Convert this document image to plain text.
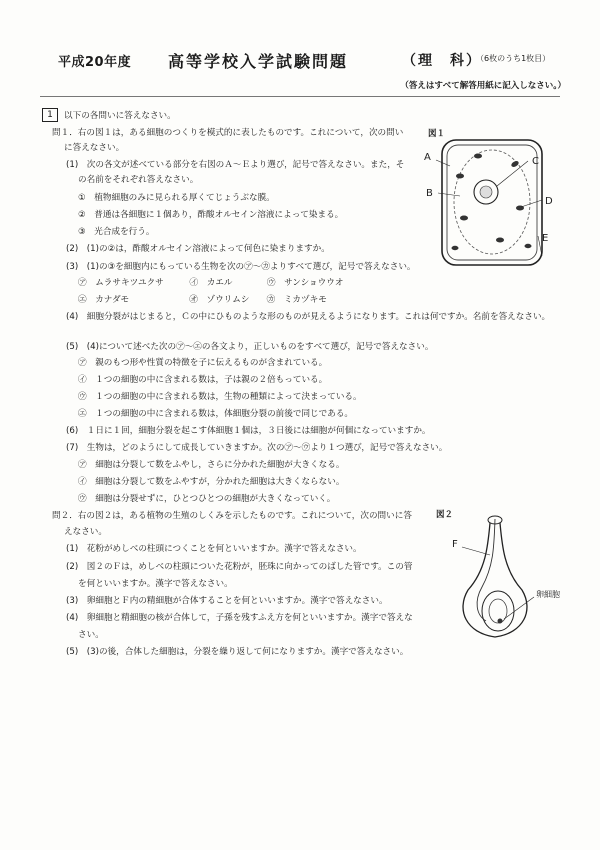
平成20年度 高等学校入学試験問題	（理　科）
（6枚のうち1枚目）
（答えはすべて解答用紙に記入しなさい。）
1	以下の各問いに答えなさい。
問１．右の図１は，ある細胞のつくりを模式的に表したものです。これについて，次の問い
に答えなさい。
(1)　次の各文が述べている部分を右図のＡ～Ｅより選び，記号で答えなさい。また，そ
の名前をそれぞれ答えなさい。
①　植物細胞のみに見られる厚くてじょうぶな膜。
②　普通は各細胞に１個あり，酢酸オルセイン溶液によって染まる。
③　光合成を行う。
(2)　(1)の②は，酢酸オルセイン溶液によって何色に染まりますか。
(3)　(1)の③を細胞内にもっている生物を次の㋐～㋕よりすべて選び，記号で答えなさい。
㋐　ムラサキツユクサ　　　㋑　カエル　　　　㋒　サンショウウオ
㋓　カナダモ　　　　　　　㋔　ゾウリムシ　　㋕　ミカヅキモ
(4)　細胞分裂がはじまると，Ｃの中にひものような形のものが見えるようになります。これは何ですか。名前を答えなさい。
(5)　(4)について述べた次の㋐～㋓の各文より，正しいものをすべて選び，記号で答えなさい。
㋐　親のもつ形や性質の特徴を子に伝えるものが含まれている。
㋑　１つの細胞の中に含まれる数は，子は親の２倍もっている。
㋒　１つの細胞の中に含まれる数は，生物の種類によって決まっている。
㋓　１つの細胞の中に含まれる数は，体細胞分裂の前後で同じである。
(6)　１日に１回，細胞分裂を起こす体細胞１個は，３日後には細胞が何個になっていますか。
(7)　生物は，どのようにして成長していきますか。次の㋐～㋒より１つ選び，記号で答えなさい。
㋐　細胞は分裂して数をふやし，さらに分かれた細胞が大きくなる。
㋑　細胞は分裂して数をふやすが，分かれた細胞は大きくならない。
㋒　細胞は分裂せずに，ひとつひとつの細胞が大きくなっていく。
問２．右の図２は，ある植物の生殖のしくみを示したものです。これについて，次の問いに答
えなさい。
(1)　花粉がめしべの柱頭につくことを何といいますか。漢字で答えなさい。
(2)　図２のＦは，めしべの柱頭についた花粉が，胚珠に向かってのばした管です。この管
を何といいますか。漢字で答えなさい。
(3)　卵細胞とＦ内の精細胞が合体することを何といいますか。漢字で答えなさい。
(4)　卵細胞と精細胞の核が合体して，子孫を残すふえ方を何といいますか。漢字で答えな
さい。
(5)　(3)の後，合体した細胞は，分裂を繰り返して何になりますか。漢字で答えなさい。
図１
A	C
B
D
E
図２
F
卵細胞
